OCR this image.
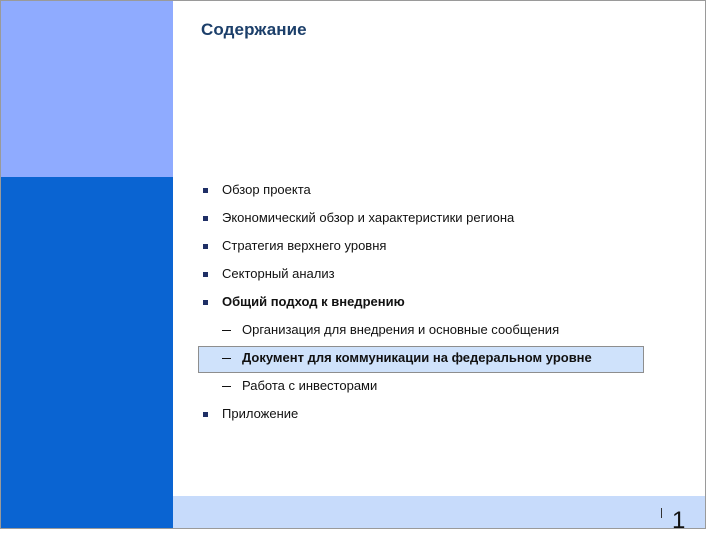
Содержание
Обзор проекта
Экономический обзор и характеристики региона
Стратегия верхнего уровня
Секторный анализ
Общий подход к внедрению
Организация для внедрения и основные сообщения
Документ для коммуникации на федеральном уровне
Работа с инвесторами
Приложение
1
